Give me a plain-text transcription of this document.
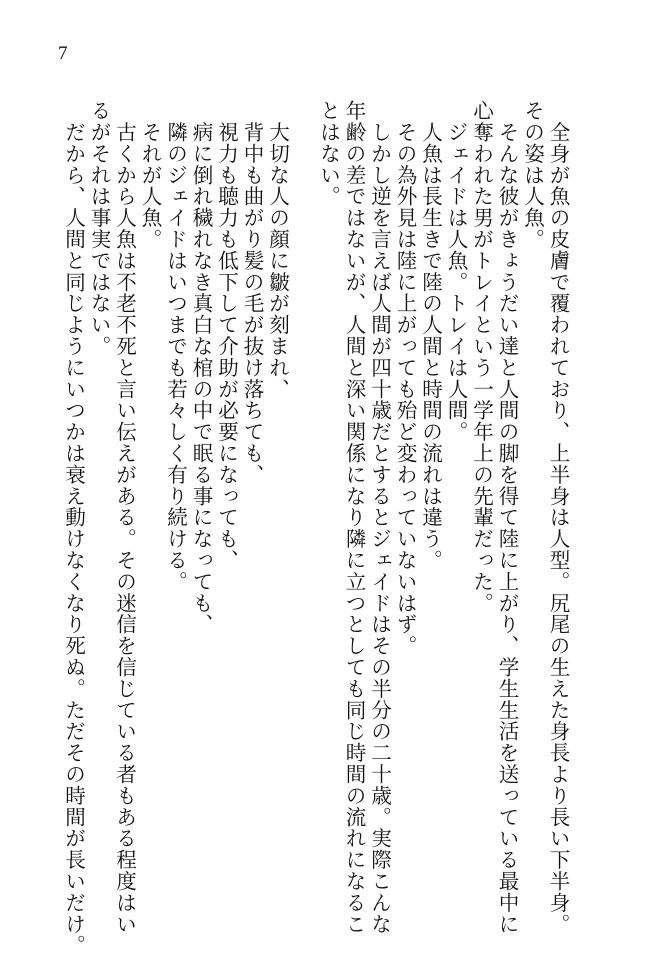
7
　全身が魚の皮膚で覆われており、上半身は人型。尻尾の生えた身長より長い下半身。
その姿は人魚。
　そんな彼がきょうだい達と人間の脚を得て陸に上がり、学生生活を送っている最中に
心奪われた男がトレイという一学年上の先輩だった。
　ジェイドは人魚。トレイは人間。
　人魚は長生きで陸の人間と時間の流れは違う。
　その為外見は陸に上がっても殆ど変わっていないはず。
　しかし逆を言えば人間が四十歳だとするとジェイドはその半分の二十歳。実際こんな
年齢の差ではないが、人間と深い関係になり隣に立つとしても同じ時間の流れになるこ
とはない。
　大切な人の顔に皺が刻まれ、
　背中も曲がり髪の毛が抜け落ちても、
　視力も聴力も低下して介助が必要になっても、
　病に倒れ穢れなき真白な棺の中で眠る事になっても、
　隣のジェイドはいつまでも若々しく有り続ける。
　それが人魚。
　古くから人魚は不老不死と言い伝えがある。その迷信を信じている者もある程度はい
るがそれは事実ではない。
　だから、人間と同じようにいつかは衰え動けなくなり死ぬ。ただその時間が長いだけ。
